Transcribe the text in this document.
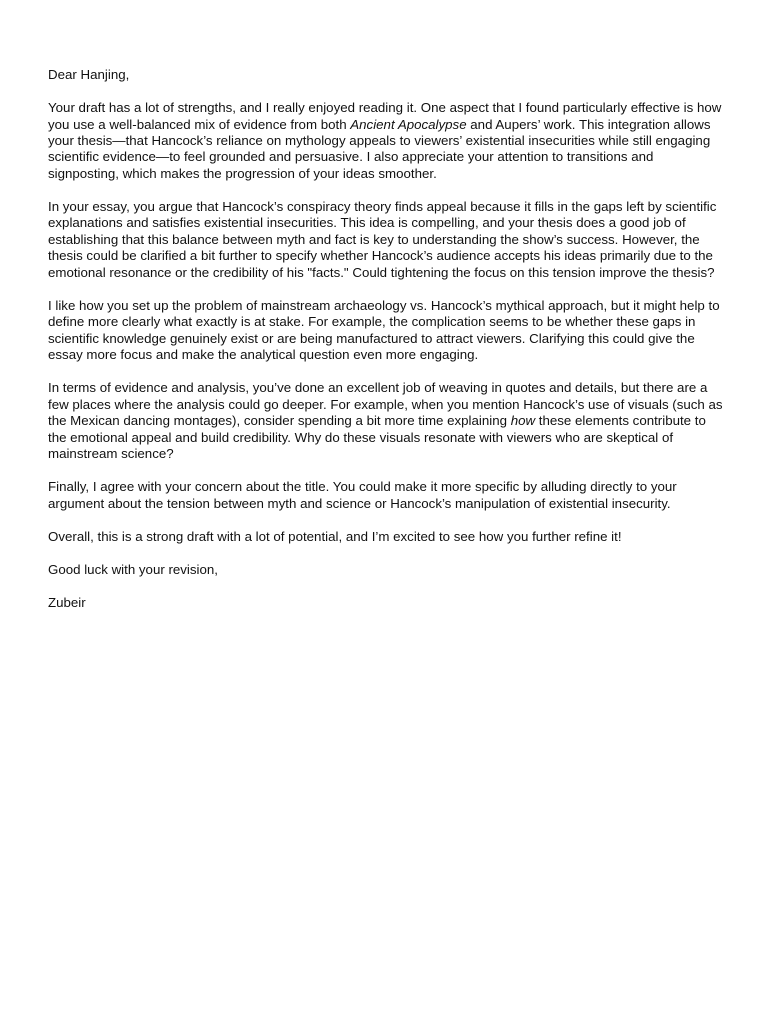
Dear Hanjing,

Your draft has a lot of strengths, and I really enjoyed reading it. One aspect that I found particularly effective is how you use a well-balanced mix of evidence from both Ancient Apocalypse and Aupers’ work. This integration allows your thesis—that Hancock’s reliance on mythology appeals to viewers’ existential insecurities while still engaging scientific evidence—to feel grounded and persuasive. I also appreciate your attention to transitions and signposting, which makes the progression of your ideas smoother.

In your essay, you argue that Hancock’s conspiracy theory finds appeal because it fills in the gaps left by scientific explanations and satisfies existential insecurities. This idea is compelling, and your thesis does a good job of establishing that this balance between myth and fact is key to understanding the show’s success. However, the thesis could be clarified a bit further to specify whether Hancock’s audience accepts his ideas primarily due to the emotional resonance or the credibility of his "facts." Could tightening the focus on this tension improve the thesis?

I like how you set up the problem of mainstream archaeology vs. Hancock’s mythical approach, but it might help to define more clearly what exactly is at stake. For example, the complication seems to be whether these gaps in scientific knowledge genuinely exist or are being manufactured to attract viewers. Clarifying this could give the essay more focus and make the analytical question even more engaging.

In terms of evidence and analysis, you’ve done an excellent job of weaving in quotes and details, but there are a few places where the analysis could go deeper. For example, when you mention Hancock’s use of visuals (such as the Mexican dancing montages), consider spending a bit more time explaining how these elements contribute to the emotional appeal and build credibility. Why do these visuals resonate with viewers who are skeptical of mainstream science?

Finally, I agree with your concern about the title. You could make it more specific by alluding directly to your argument about the tension between myth and science or Hancock’s manipulation of existential insecurity.

Overall, this is a strong draft with a lot of potential, and I’m excited to see how you further refine it!

Good luck with your revision,

Zubeir
